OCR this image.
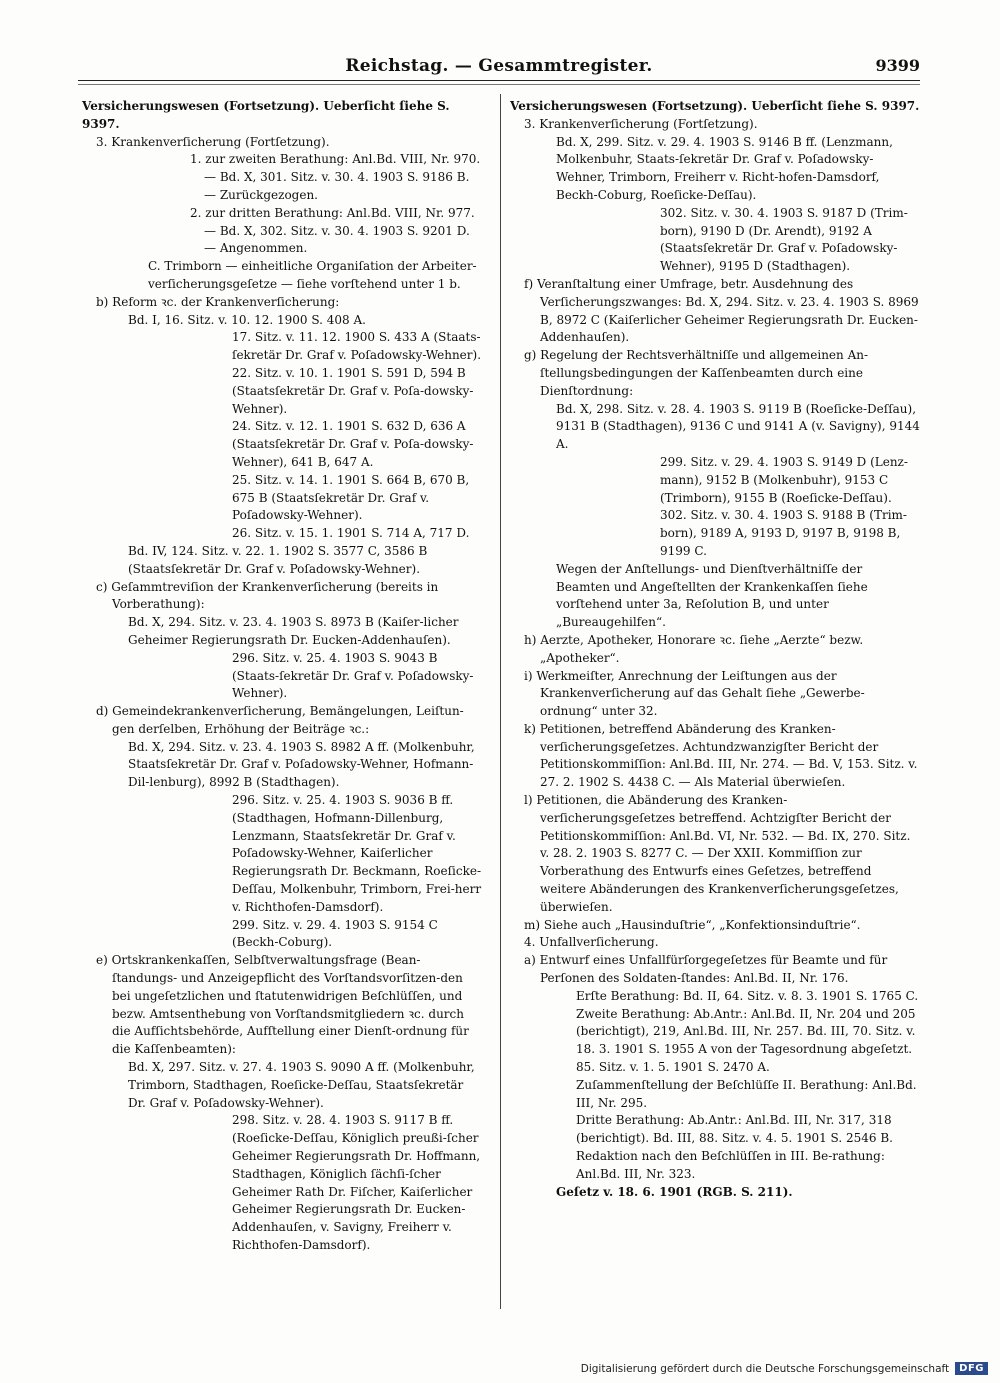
Reichstag. — Gesammtregister.	9399

Versicherungswesen (Fortsetzung). Ueberſicht ſiehe S. 9397.

3. Krankenverſicherung (Fortſetzung).

1. zur zweiten Berathung: Anl.Bd. VIII, Nr. 970. — Bd. X, 301. Sitz. v. 30. 4. 1903 S. 9186 B. — Zurückgezogen.

2. zur dritten Berathung: Anl.Bd. VIII, Nr. 977. — Bd. X, 302. Sitz. v. 30. 4. 1903 S. 9201 D. — Angenommen.

C. Trimborn — einheitliche Organiſation der Arbeiter-verſicherungsgeſetze — ſiehe vorſtehend unter 1 b.

b) Reform ꝛc. der Krankenverſicherung:

Bd. I, 16. Sitz. v. 10. 12. 1900 S. 408 A.

17. Sitz. v. 11. 12. 1900 S. 433 A (Staats-ſekretär Dr. Graf v. Poſadowsky-Wehner).

22. Sitz. v. 10. 1. 1901 S. 591 D, 594 B (Staatsſekretär Dr. Graf v. Poſa-dowsky-Wehner).

24. Sitz. v. 12. 1. 1901 S. 632 D, 636 A (Staatsſekretär Dr. Graf v. Poſa-dowsky-Wehner), 641 B, 647 A.

25. Sitz. v. 14. 1. 1901 S. 664 B, 670 B, 675 B (Staatsſekretär Dr. Graf v. Poſadowsky-Wehner).

26. Sitz. v. 15. 1. 1901 S. 714 A, 717 D.

Bd. IV, 124. Sitz. v. 22. 1. 1902 S. 3577 C, 3586 B (Staatsſekretär Dr. Graf v. Poſadowsky-Wehner).

c) Geſammtreviſion der Krankenverſicherung (bereits in Vorberathung):

Bd. X, 294. Sitz. v. 23. 4. 1903 S. 8973 B (Kaiſer-licher Geheimer Regierungsrath Dr. Eucken-Addenhauſen).

296. Sitz. v. 25. 4. 1903 S. 9043 B (Staats-ſekretär Dr. Graf v. Poſadowsky-Wehner).

d) Gemeindekrankenverſicherung, Bemängelungen, Leiſtun-gen derſelben, Erhöhung der Beiträge ꝛc.:

Bd. X, 294. Sitz. v. 23. 4. 1903 S. 8982 A ff. (Molkenbuhr, Staatsſekretär Dr. Graf v. Poſadowsky-Wehner, Hofmann-Dil-lenburg), 8992 B (Stadthagen).

296. Sitz. v. 25. 4. 1903 S. 9036 B ff. (Stadthagen, Hofmann-Dillenburg, Lenzmann, Staatsſekretär Dr. Graf v. Poſadowsky-Wehner, Kaiſerlicher Regierungsrath Dr. Beckmann, Roeſicke-Deſſau, Molkenbuhr, Trimborn, Frei-herr v. Richthofen-Damsdorf).

299. Sitz. v. 29. 4. 1903 S. 9154 C (Beckh-Coburg).

e) Ortskrankenkaſſen, Selbſtverwaltungsfrage (Bean-ſtandungs- und Anzeigepflicht des Vorſtandsvorſitzen-den bei ungeſetzlichen und ſtatutenwidrigen Beſchlüſſen, und bezw. Amtsenthebung von Vorſtandsmitgliedern ꝛc. durch die Aufſichtsbehörde, Aufſtellung einer Dienſt-ordnung für die Kaſſenbeamten):

Bd. X, 297. Sitz. v. 27. 4. 1903 S. 9090 A ff. (Molkenbuhr, Trimborn, Stadthagen, Roeſicke-Deſſau, Staatsſekretär Dr. Graf v. Poſadowsky-Wehner).

298. Sitz. v. 28. 4. 1903 S. 9117 B ff. (Roeſicke-Deſſau, Königlich preußi-ſcher Geheimer Regierungsrath Dr. Hoffmann, Stadthagen, Königlich ſächſi-ſcher Geheimer Rath Dr. Fiſcher, Kaiſerlicher Geheimer Regierungsrath Dr. Eucken-Addenhauſen, v. Savigny, Freiherr v. Richthofen-Damsdorf).

Versicherungswesen (Fortsetzung). Ueberſicht ſiehe S. 9397.

3. Krankenverſicherung (Fortſetzung).

Bd. X, 299. Sitz. v. 29. 4. 1903 S. 9146 B ff. (Lenzmann, Molkenbuhr, Staats-ſekretär Dr. Graf v. Poſadowsky-Wehner, Trimborn, Freiherr v. Richt-hofen-Damsdorf, Beckh-Coburg, Roeſicke-Deſſau).

302. Sitz. v. 30. 4. 1903 S. 9187 D (Trim-born), 9190 D (Dr. Arendt), 9192 A (Staatsſekretär Dr. Graf v. Poſadowsky-Wehner), 9195 D (Stadthagen).

f) Veranſtaltung einer Umfrage, betr. Ausdehnung des Verſicherungszwanges: Bd. X, 294. Sitz. v. 23. 4. 1903 S. 8969 B, 8972 C (Kaiſerlicher Geheimer Regierungsrath Dr. Eucken-Addenhauſen).

g) Regelung der Rechtsverhältniſſe und allgemeinen An-ſtellungsbedingungen der Kaſſenbeamten durch eine Dienſtordnung:

Bd. X, 298. Sitz. v. 28. 4. 1903 S. 9119 B (Roeſicke-Deſſau), 9131 B (Stadthagen), 9136 C und 9141 A (v. Savigny), 9144 A.

299. Sitz. v. 29. 4. 1903 S. 9149 D (Lenz-mann), 9152 B (Molkenbuhr), 9153 C (Trimborn), 9155 B (Roeſicke-Deſſau).

302. Sitz. v. 30. 4. 1903 S. 9188 B (Trim-born), 9189 A, 9193 D, 9197 B, 9198 B, 9199 C.

Wegen der Anſtellungs- und Dienſtverhältniſſe der Beamten und Angeſtellten der Krankenkaſſen ſiehe vorſtehend unter 3a, Reſolution B, und unter „Bureaugehilfen“.

h) Aerzte, Apotheker, Honorare ꝛc. ſiehe „Aerzte“ bezw. „Apotheker“.

i) Werkmeiſter, Anrechnung der Leiſtungen aus der Krankenverſicherung auf das Gehalt ſiehe „Gewerbe-ordnung“ unter 32.

k) Petitionen, betreffend Abänderung des Kranken-verſicherungsgeſetzes. Achtundzwanzigſter Bericht der Petitionskommiſſion: Anl.Bd. III, Nr. 274. — Bd. V, 153. Sitz. v. 27. 2. 1902 S. 4438 C. — Als Material überwieſen.

l) Petitionen, die Abänderung des Kranken-verſicherungsgeſetzes betreffend. Achtzigſter Bericht der Petitionskommiſſion: Anl.Bd. VI, Nr. 532. — Bd. IX, 270. Sitz. v. 28. 2. 1903 S. 8277 C. — Der XXII. Kommiſſion zur Vorberathung des Entwurfs eines Geſetzes, betreffend weitere Abänderungen des Krankenverſicherungsgeſetzes, überwieſen.

m) Siehe auch „Hausinduſtrie“, „Konfektionsinduſtrie“.

4. Unfallverſicherung.

a) Entwurf eines Unfallfürſorgegeſetzes für Beamte und für Perſonen des Soldaten-ſtandes: Anl.Bd. II, Nr. 176.

Erſte Berathung: Bd. II, 64. Sitz. v. 8. 3. 1901 S. 1765 C.

Zweite Berathung: Ab.Antr.: Anl.Bd. II, Nr. 204 und 205 (berichtigt), 219, Anl.Bd. III, Nr. 257. Bd. III, 70. Sitz. v. 18. 3. 1901 S. 1955 A von der Tagesordnung abgeſetzt. 85. Sitz. v. 1. 5. 1901 S. 2470 A.

Zuſammenſtellung der Beſchlüſſe II. Berathung: Anl.Bd. III, Nr. 295.

Dritte Berathung: Ab.Antr.: Anl.Bd. III, Nr. 317, 318 (berichtigt). Bd. III, 88. Sitz. v. 4. 5. 1901 S. 2546 B.

Redaktion nach den Beſchlüſſen in III. Be-rathung: Anl.Bd. III, Nr. 323.

Geſetz v. 18. 6. 1901 (RGB. S. 211).

Digitalisierung gefördert durch die Deutsche Forschungsgemeinschaft	DFG
